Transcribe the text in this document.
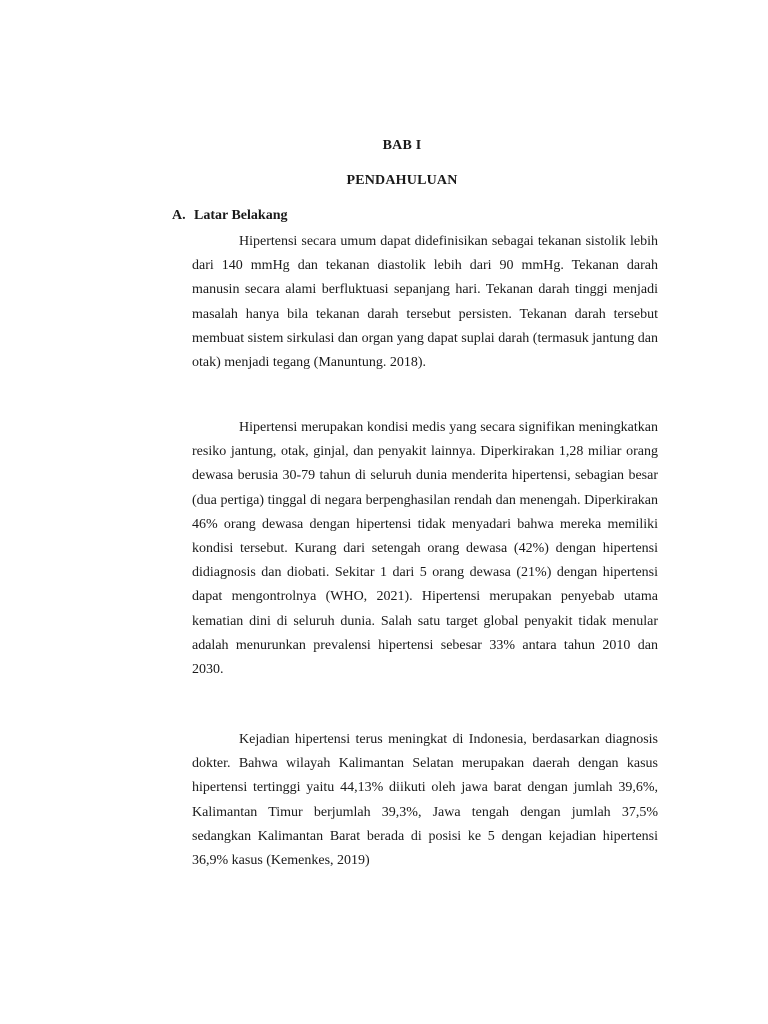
BAB I
PENDAHULUAN
A. Latar Belakang

Hipertensi secara umum dapat didefinisikan sebagai tekanan sistolik lebih dari 140 mmHg dan tekanan diastolik lebih dari 90 mmHg. Tekanan darah manusin secara alami berfluktuasi sepanjang hari. Tekanan darah tinggi menjadi masalah hanya bila tekanan darah tersebut persisten. Tekanan darah tersebut membuat sistem sirkulasi dan organ yang dapat suplai darah (termasuk jantung dan otak) menjadi tegang (Manuntung. 2018).

Hipertensi merupakan kondisi medis yang secara signifikan meningkatkan resiko jantung, otak, ginjal, dan penyakit lainnya. Diperkirakan 1,28 miliar orang dewasa berusia 30-79 tahun di seluruh dunia menderita hipertensi, sebagian besar (dua pertiga) tinggal di negara berpenghasilan rendah dan menengah. Diperkirakan 46% orang dewasa dengan hipertensi tidak menyadari bahwa mereka memiliki kondisi tersebut. Kurang dari setengah orang dewasa (42%) dengan hipertensi didiagnosis dan diobati. Sekitar 1 dari 5 orang dewasa (21%) dengan hipertensi dapat mengontrolnya (WHO, 2021). Hipertensi merupakan penyebab utama kematian dini di seluruh dunia. Salah satu target global penyakit tidak menular adalah menurunkan prevalensi hipertensi sebesar 33% antara tahun 2010 dan 2030.

Kejadian hipertensi terus meningkat di Indonesia, berdasarkan diagnosis dokter. Bahwa wilayah Kalimantan Selatan merupakan daerah dengan kasus hipertensi tertinggi yaitu 44,13% diikuti oleh jawa barat dengan jumlah 39,6%, Kalimantan Timur berjumlah 39,3%, Jawa tengah dengan jumlah 37,5% sedangkan Kalimantan Barat berada di posisi ke 5 dengan kejadian hipertensi 36,9% kasus (Kemenkes, 2019)
